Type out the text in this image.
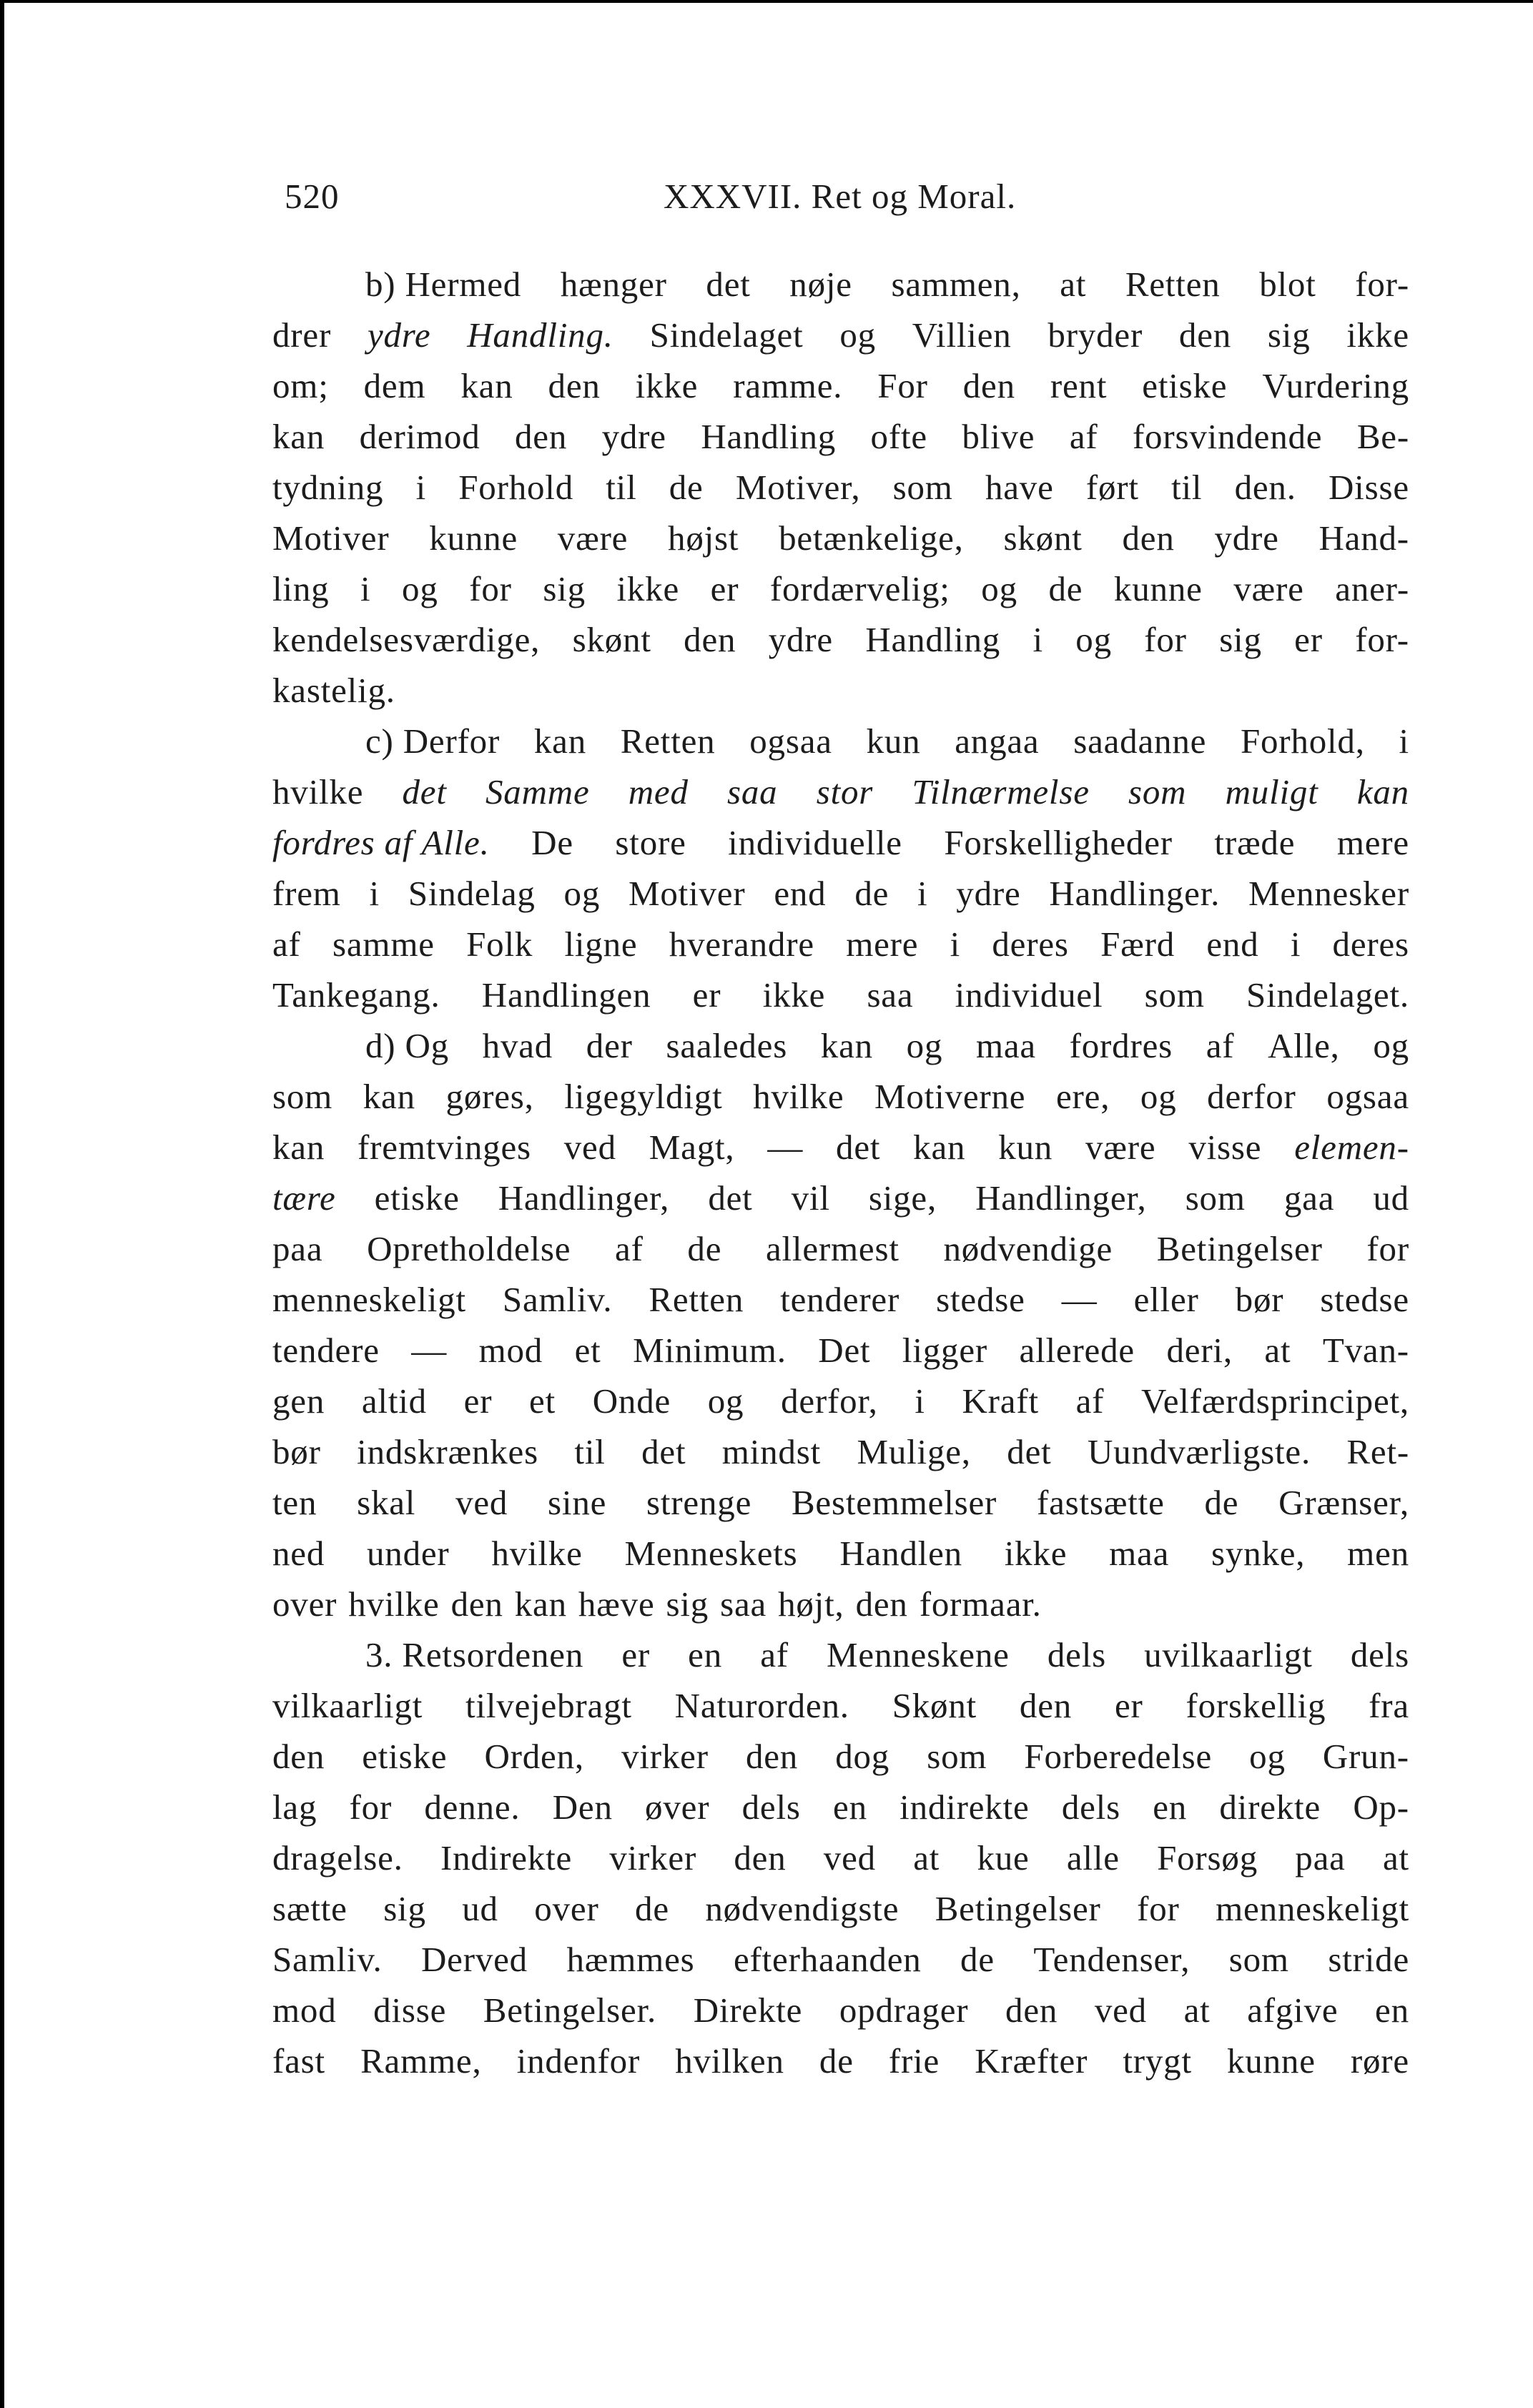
520	XXXVII. Ret og Moral.
b) Hermed hænger det nøje sammen, at Retten blot for-
drer ydre Handling. Sindelaget og Villien bryder den sig ikke
om; dem kan den ikke ramme. For den rent etiske Vurdering
kan derimod den ydre Handling ofte blive af forsvindende Be-
tydning i Forhold til de Motiver, som have ført til den. Disse
Motiver kunne være højst betænkelige, skønt den ydre Hand-
ling i og for sig ikke er fordærvelig; og de kunne være aner-
kendelsesværdige, skønt den ydre Handling i og for sig er for-
kastelig.
c) Derfor kan Retten ogsaa kun angaa saadanne Forhold, i
hvilke det Samme med saa stor Tilnærmelse som muligt kan
fordres af Alle. De store individuelle Forskelligheder træde mere
frem i Sindelag og Motiver end de i ydre Handlinger. Mennesker
af samme Folk ligne hverandre mere i deres Færd end i deres
Tankegang. Handlingen er ikke saa individuel som Sindelaget.
d) Og hvad der saaledes kan og maa fordres af Alle, og
som kan gøres, ligegyldigt hvilke Motiverne ere, og derfor ogsaa
kan fremtvinges ved Magt, — det kan kun være visse elemen-
tære etiske Handlinger, det vil sige, Handlinger, som gaa ud
paa Opretholdelse af de allermest nødvendige Betingelser for
menneskeligt Samliv. Retten tenderer stedse — eller bør stedse
tendere — mod et Minimum. Det ligger allerede deri, at Tvan-
gen altid er et Onde og derfor, i Kraft af Velfærdsprincipet,
bør indskrænkes til det mindst Mulige, det Uundværligste. Ret-
ten skal ved sine strenge Bestemmelser fastsætte de Grænser,
ned under hvilke Menneskets Handlen ikke maa synke, men
over hvilke den kan hæve sig saa højt, den formaar.
3. Retsordenen er en af Menneskene dels uvilkaarligt dels
vilkaarligt tilvejebragt Naturorden. Skønt den er forskellig fra
den etiske Orden, virker den dog som Forberedelse og Grun-
lag for denne. Den øver dels en indirekte dels en direkte Op-
dragelse. Indirekte virker den ved at kue alle Forsøg paa at
sætte sig ud over de nødvendigste Betingelser for menneskeligt
Samliv. Derved hæmmes efterhaanden de Tendenser, som stride
mod disse Betingelser. Direkte opdrager den ved at afgive en
fast Ramme, indenfor hvilken de frie Kræfter trygt kunne røre
